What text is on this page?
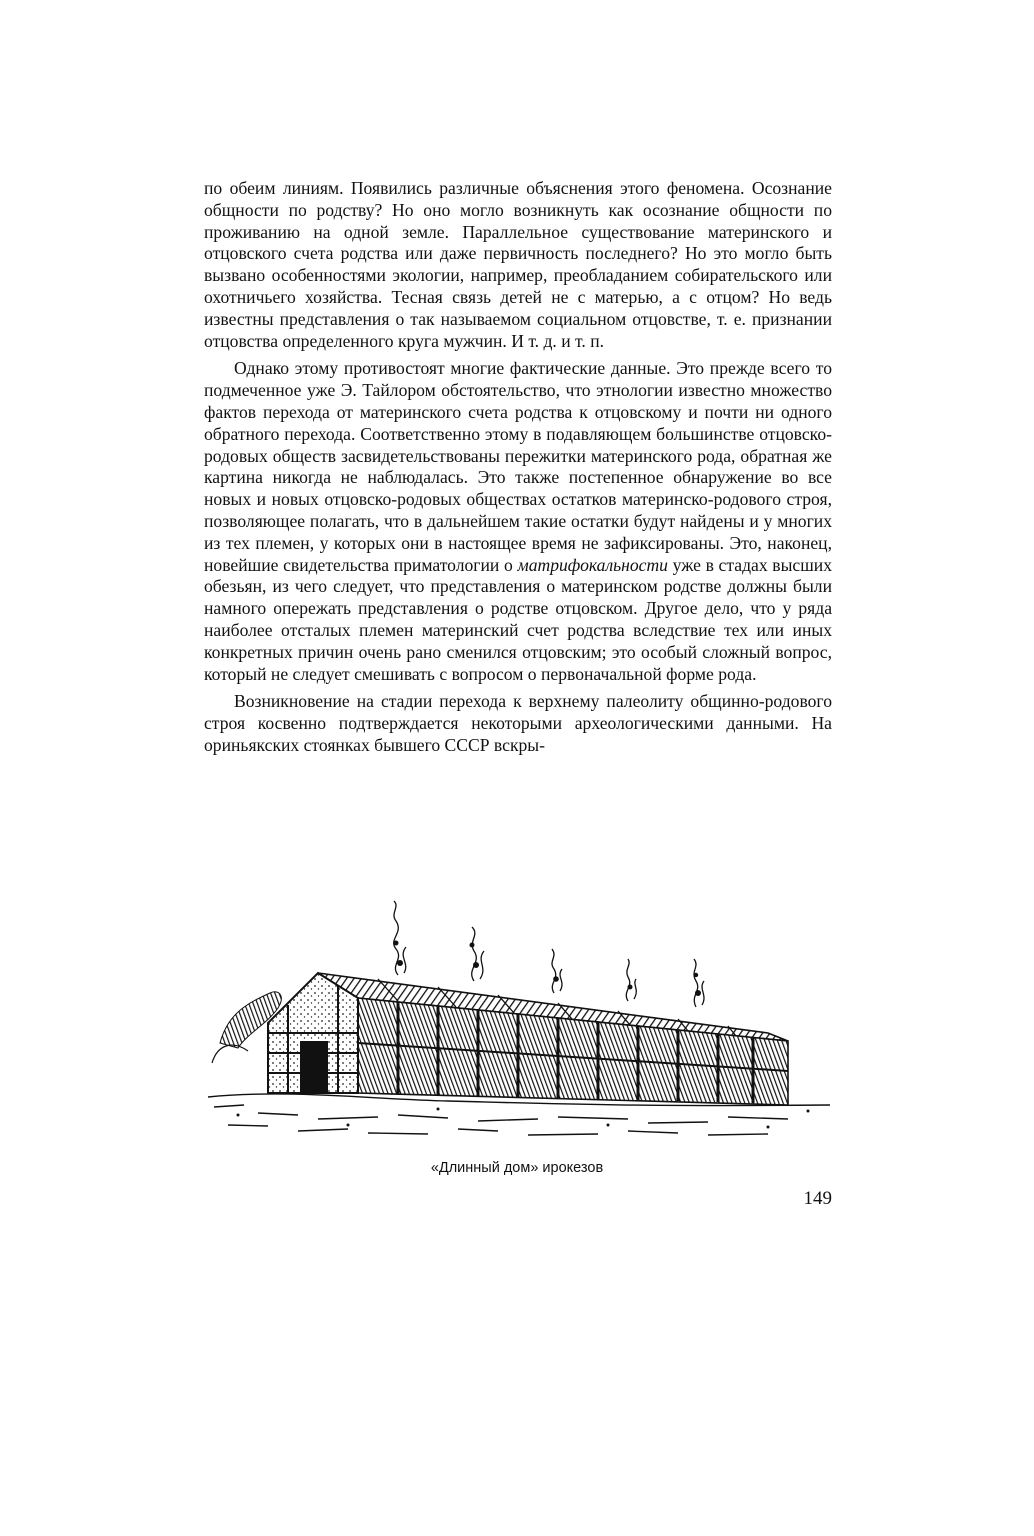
по обеим линиям. Появились различные объяснения этого феномена. Осознание общности по родству? Но оно могло возникнуть как осознание общности по проживанию на одной земле. Параллельное существование материнского и отцовского счета родства или даже первичность последнего? Но это могло быть вызвано особенностями экологии, например, преобладанием собирательского или охотничьего хозяйства. Тесная связь детей не с матерью, а с отцом? Но ведь известны представления о так называемом социальном отцовстве, т. е. признании отцовства определенного круга мужчин. И т. д. и т. п.

Однако этому противостоят многие фактические данные. Это прежде всего то подмеченное уже Э. Тайлором обстоятельство, что этнологии известно множество фактов перехода от материнского счета родства к отцовскому и почти ни одного обратного перехода. Соответственно этому в подавляющем большинстве отцовско-родовых обществ засвидетельствованы пережитки материнского рода, обратная же картина никогда не наблюдалась. Это также постепенное обнаружение во все новых и новых отцовско-родовых обществах остатков материнско-родового строя, позволяющее полагать, что в дальнейшем такие остатки будут найдены и у многих из тех племен, у которых они в настоящее время не зафиксированы. Это, наконец, новейшие свидетельства приматологии о матрифокальности уже в стадах высших обезьян, из чего следует, что представления о материнском родстве должны были намного опережать представления о родстве отцовском. Другое дело, что у ряда наиболее отсталых племен материнский счет родства вследствие тех или иных конкретных причин очень рано сменился отцовским; это особый сложный вопрос, который не следует смешивать с вопросом о первоначальной форме рода.

Возникновение на стадии перехода к верхнему палеолиту общинно-родового строя косвенно подтверждается некоторыми археологическими данными. На ориньякских стоянках бывшего СССР вскры-

«Длинный дом» ирокезов
149
